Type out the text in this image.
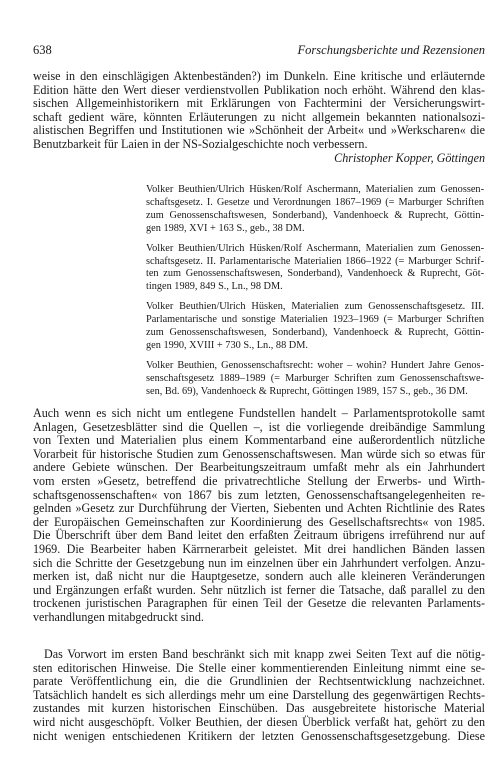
638	Forschungsberichte und Rezensionen
weise in den einschlägigen Aktenbeständen?) im Dunkeln. Eine kritische und erläuternde
Edition hätte den Wert dieser verdienstvollen Publikation noch erhöht. Während den klas-
sischen Allgemeinhistorikern mit Erklärungen von Fachtermini der Versicherungswirt-
schaft gedient wäre, könnten Erläuterungen zu nicht allgemein bekannten nationalsozi-
alistischen Begriffen und Institutionen wie »Schönheit der Arbeit« und »Werkscharen« die
Benutzbarkeit für Laien in der NS-Sozialgeschichte noch verbessern.
Christopher Kopper, Göttingen
Volker Beuthien/Ulrich Hüsken/Rolf Aschermann, Materialien zum Genossen-
schaftsgesetz. I. Gesetze und Verordnungen 1867–1969 (= Marburger Schriften
zum Genossenschaftswesen, Sonderband), Vandenhoeck & Ruprecht, Göttin-
gen 1989, XVI + 163 S., geb., 38 DM.
Volker Beuthien/Ulrich Hüsken/Rolf Aschermann, Materialien zum Genossen-
schaftsgesetz. II. Parlamentarische Materialien 1866–1922 (= Marburger Schrif-
ten zum Genossenschaftswesen, Sonderband), Vandenhoeck & Ruprecht, Göt-
tingen 1989, 849 S., Ln., 98 DM.
Volker Beuthien/Ulrich Hüsken, Materialien zum Genossenschaftsgesetz. III.
Parlamentarische und sonstige Materialien 1923–1969 (= Marburger Schriften
zum Genossenschaftswesen, Sonderband), Vandenhoeck & Ruprecht, Göttin-
gen 1990, XVIII + 730 S., Ln., 88 DM.
Volker Beuthien, Genossenschaftsrecht: woher – wohin? Hundert Jahre Genos-
senschaftsgesetz 1889–1989 (= Marburger Schriften zum Genossenschaftswe-
sen, Bd. 69), Vandenhoeck & Ruprecht, Göttingen 1989, 157 S., geb., 36 DM.
Auch wenn es sich nicht um entlegene Fundstellen handelt – Parlamentsprotokolle samt
Anlagen, Gesetzesblätter sind die Quellen –, ist die vorliegende dreibändige Sammlung
von Texten und Materialien plus einem Kommentarband eine außerordentlich nützliche
Vorarbeit für historische Studien zum Genossenschaftswesen. Man würde sich so etwas für
andere Gebiete wünschen. Der Bearbeitungszeitraum umfaßt mehr als ein Jahrhundert
vom ersten »Gesetz, betreffend die privatrechtliche Stellung der Erwerbs- und Wirth-
schaftsgenossenschaften« von 1867 bis zum letzten, Genossenschaftsangelegenheiten re-
gelnden »Gesetz zur Durchführung der Vierten, Siebenten und Achten Richtlinie des Rates
der Europäischen Gemeinschaften zur Koordinierung des Gesellschaftsrechts« von 1985.
Die Überschrift über dem Band leitet den erfaßten Zeitraum übrigens irreführend nur auf
1969. Die Bearbeiter haben Kärrnerarbeit geleistet. Mit drei handlichen Bänden lassen
sich die Schritte der Gesetzgebung nun im einzelnen über ein Jahrhundert verfolgen. Anzu-
merken ist, daß nicht nur die Hauptgesetze, sondern auch alle kleineren Veränderungen
und Ergänzungen erfaßt wurden. Sehr nützlich ist ferner die Tatsache, daß parallel zu den
trockenen juristischen Paragraphen für einen Teil der Gesetze die relevanten Parlaments-
verhandlungen mitabgedruckt sind.
Das Vorwort im ersten Band beschränkt sich mit knapp zwei Seiten Text auf die nötig-
sten editorischen Hinweise. Die Stelle einer kommentierenden Einleitung nimmt eine se-
parate Veröffentlichung ein, die die Grundlinien der Rechtsentwicklung nachzeichnet.
Tatsächlich handelt es sich allerdings mehr um eine Darstellung des gegenwärtigen Rechts-
zustandes mit kurzen historischen Einschüben. Das ausgebreitete historische Material
wird nicht ausgeschöpft. Volker Beuthien, der diesen Überblick verfaßt hat, gehört zu den
nicht wenigen entschiedenen Kritikern der letzten Genossenschaftsgesetzgebung. Diese
